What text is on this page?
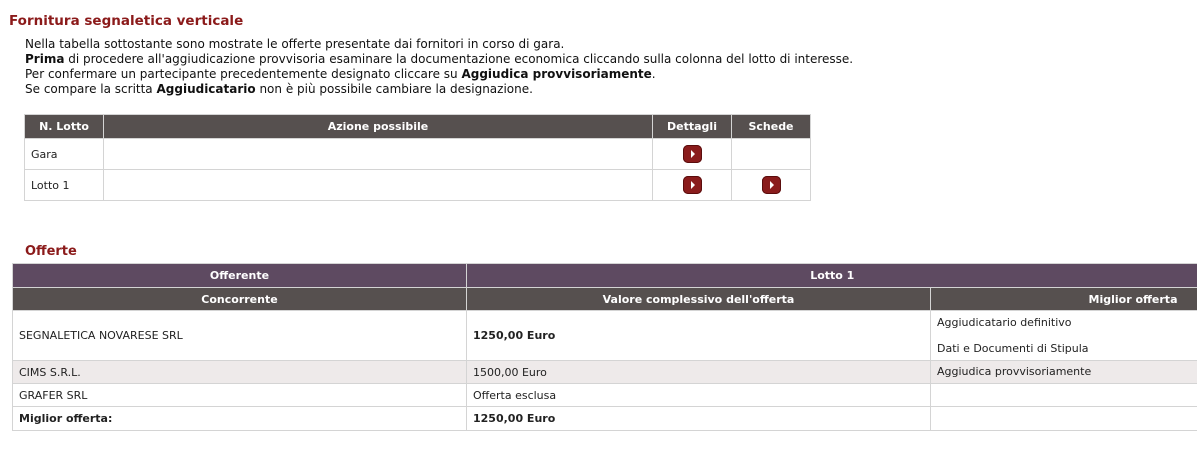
Fornitura segnaletica verticale

Nella tabella sottostante sono mostrate le offerte presentate dai fornitori in corso di gara.

Prima di procedere all'aggiudicazione provvisoria esaminare la documentazione economica cliccando sulla colonna del lotto di interesse.

Per confermare un partecipante precedentemente designato cliccare su Aggiudica provvisoriamente.

Se compare la scritta Aggiudicatario non è più possibile cambiare la designazione.

N. Lotto	Azione possibile	Dettagli	Schede
Gara			
Lotto 1			
Offerte
Offerente	Lotto 1	
Concorrente	Valore complessivo dell'offerta	Miglior offerta
SEGNALETICA NOVARESE SRL	1250,00 Euro	Aggiudicatario definitivo
Dati e Documenti di Stipula

CIMS S.R.L.	1500,00 Euro	Aggiudica provvisoriamente

GRAFER SRL	Offerta esclusa	
Miglior offerta:	1250,00 Euro	
